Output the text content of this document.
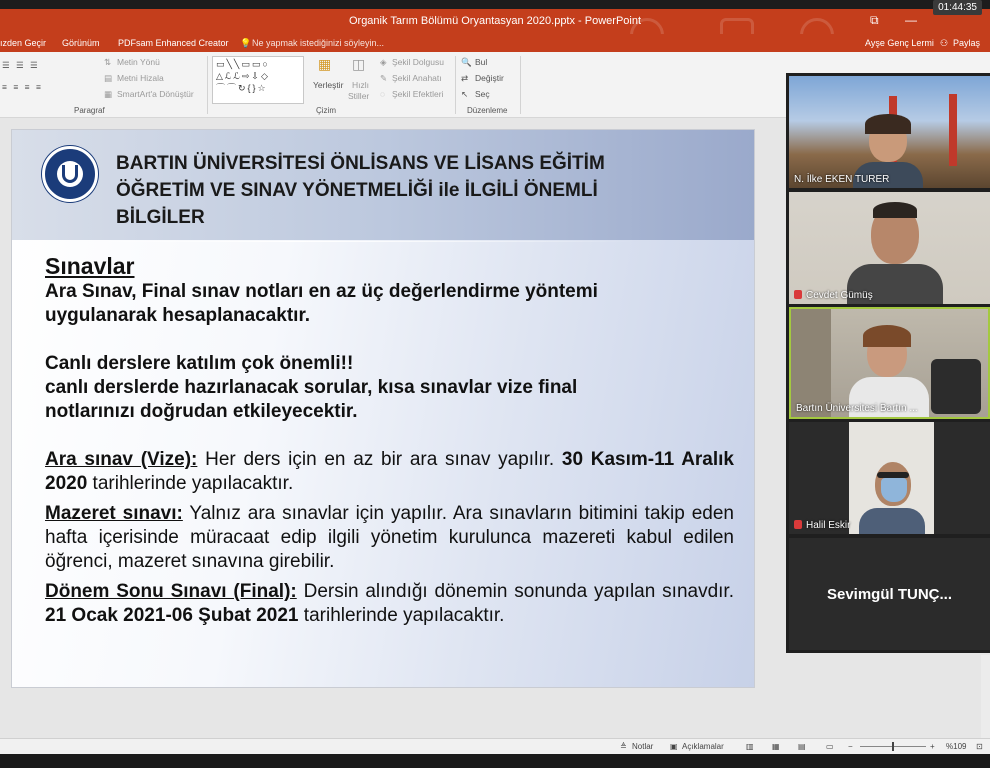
Organik Tarım Bölümü Oryantasyan 2020.pptx - PowerPoint	⧉ —
01:44:35
ızden Geçir Görünüm PDFsam Enhanced Creator 💡 Ne yapmak istediğinizi söyleyin...	Ayşe Genç Lermi ⚇ Paylaş
☰ ☰ ☰
≡ ≡ ≡ ≡
⇅ Metin Yönü
▤ Metni Hizala
▦ SmartArt'a Dönüştür
Paragraf
▭╲╲▭▭○
△ℒℒ⇨⇩◇
⌒⌒↻{}☆
▦
Yerleştir
◫
Hızlı
Stiller
◈ Şekil Dolgusu
✎ Şekil Anahatı
◌ Şekil Efektleri
Çizim
🔍 Bul
⇄ Değiştir
↖ Seç
Düzenleme
BARTIN ÜNİVERSİTESİ ÖNLİSANS VE LİSANS EĞİTİM
ÖĞRETİM VE SINAV YÖNETMELİĞİ ile İLGİLİ ÖNEMLİ
BİLGİLER
Sınavlar
Ara Sınav, Final sınav notları en az üç değerlendirme yöntemi
uygulanarak hesaplanacaktır.
Canlı derslere katılım çok önemli!!
canlı derslerde hazırlanacak sorular, kısa sınavlar vize final
notlarınızı doğrudan etkileyecektir.
Ara sınav (Vize): Her ders için en az bir ara sınav yapılır. 30 Kasım-11 Aralık 2020 tarihlerinde yapılacaktır.
Mazeret sınavı: Yalnız ara sınavlar için yapılır. Ara sınavların bitimini takip eden hafta içerisinde müracaat edip ilgili yönetim kurulunca mazereti kabul edilen öğrenci, mazeret sınavına girebilir.
Dönem Sonu Sınavı (Final): Dersin alındığı dönemin sonunda yapılan sınavdır. 21 Ocak 2021-06 Şubat 2021 tarihlerinde yapılacaktır.
N. İlke EKEN TURER
Cevdet Gümüş
Bartın Üniversitesi Bartın ...
Halil Eskir
Sevimgül TUNÇ...
≜ Notlar ▣ Açıklamalar	▥ ▦ ▤	▭ −	+ %109 ⊡
